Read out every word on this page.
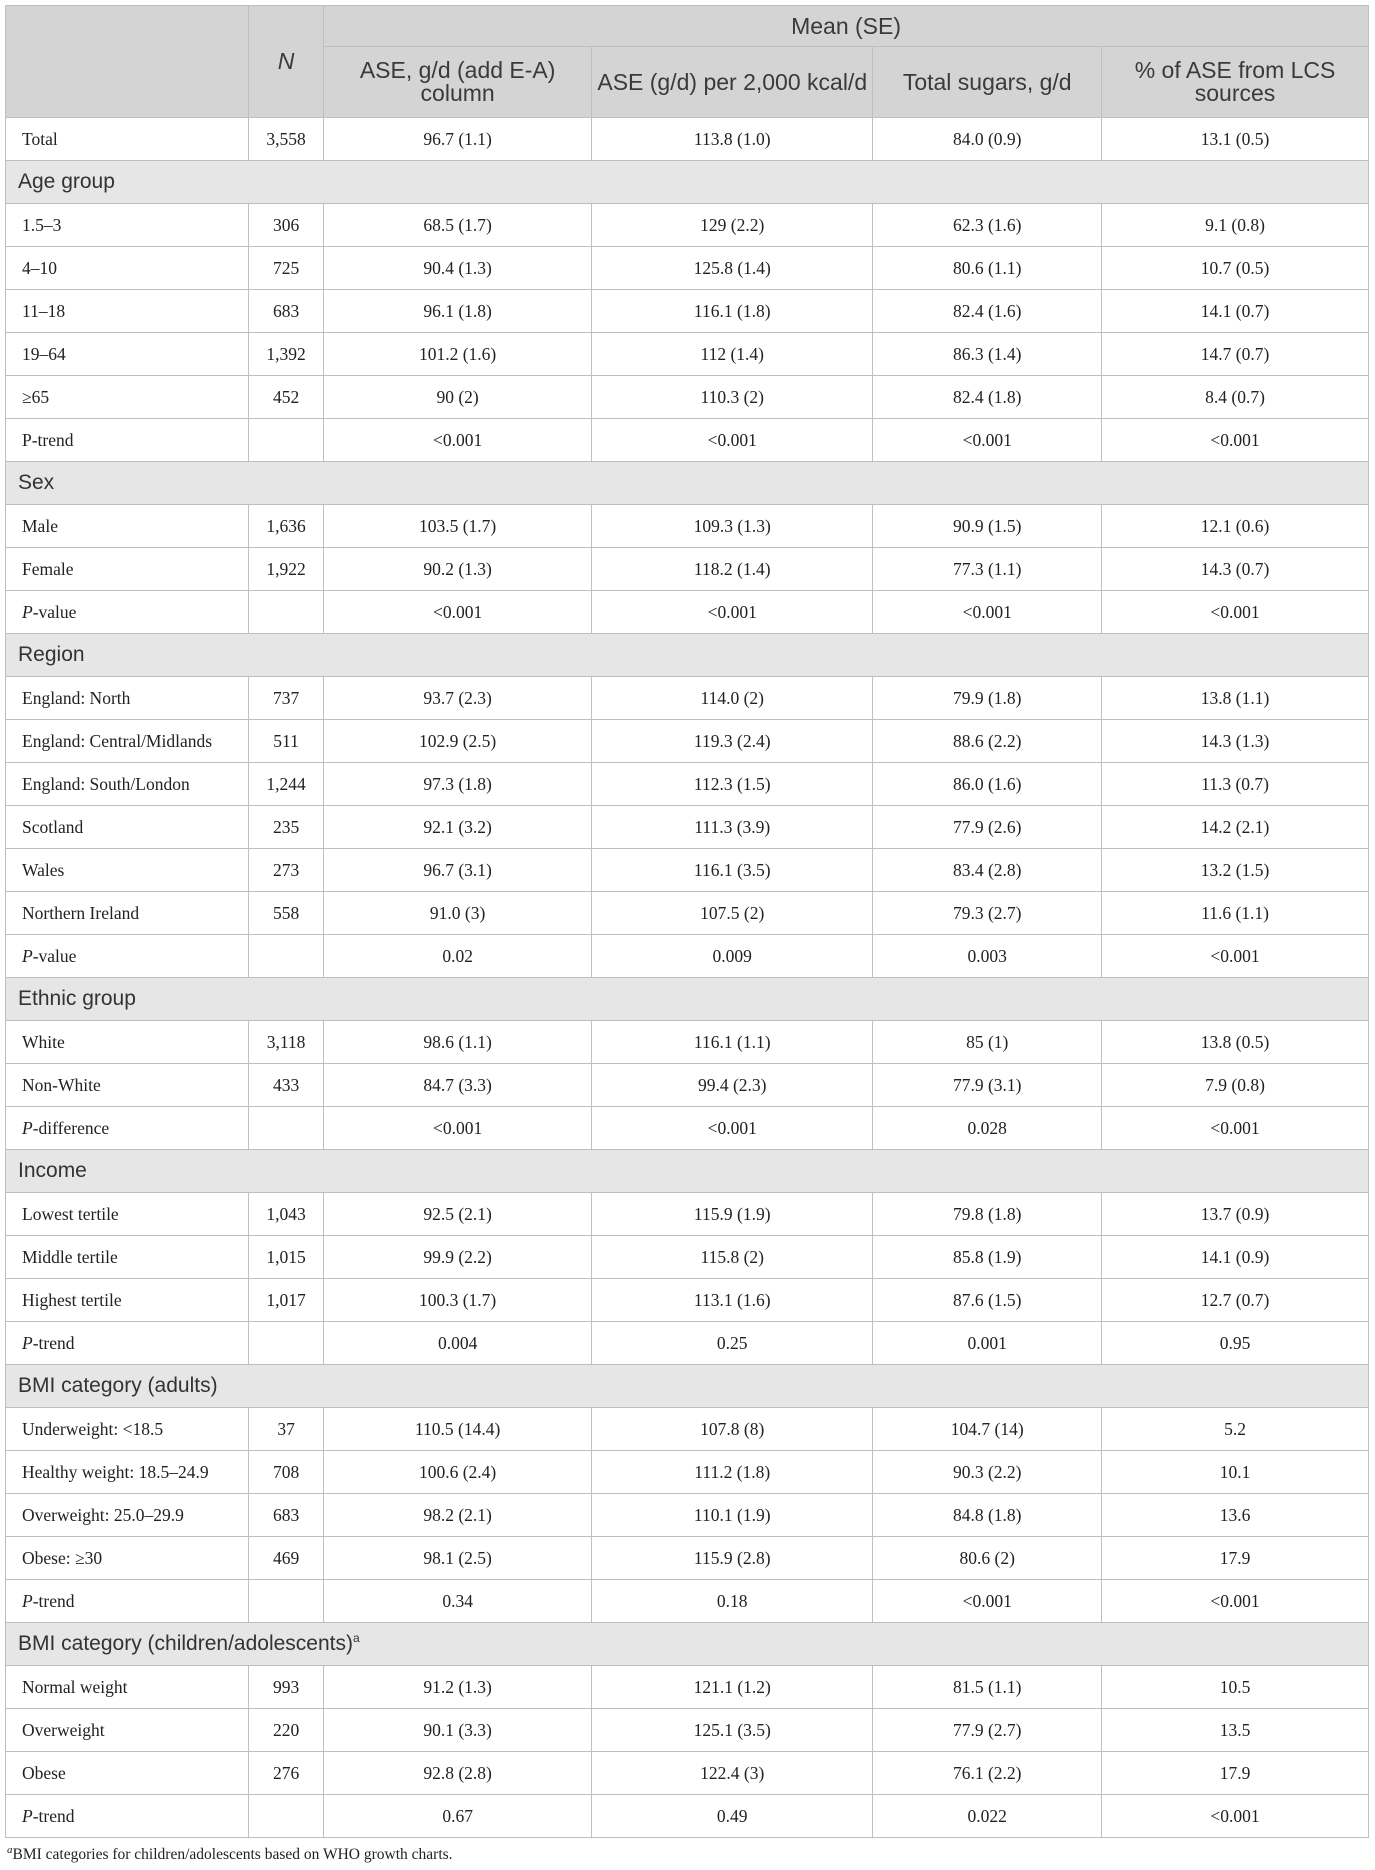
	N	Mean (SE)			
		ASE, g/d (add E-A) column	ASE (g/d) per 2,000 kcal/d	Total sugars, g/d	% of ASE from LCS sources
Total	3,558	96.7 (1.1)	113.8 (1.0)	84.0 (0.9)	13.1 (0.5)
Age group					
1.5–3	306	68.5 (1.7)	129 (2.2)	62.3 (1.6)	9.1 (0.8)
4–10	725	90.4 (1.3)	125.8 (1.4)	80.6 (1.1)	10.7 (0.5)
11–18	683	96.1 (1.8)	116.1 (1.8)	82.4 (1.6)	14.1 (0.7)
19–64	1,392	101.2 (1.6)	112 (1.4)	86.3 (1.4)	14.7 (0.7)
≥65	452	90 (2)	110.3 (2)	82.4 (1.8)	8.4 (0.7)
P-trend		<0.001	<0.001	<0.001	<0.001
Sex					
Male	1,636	103.5 (1.7)	109.3 (1.3)	90.9 (1.5)	12.1 (0.6)
Female	1,922	90.2 (1.3)	118.2 (1.4)	77.3 (1.1)	14.3 (0.7)
P-value		<0.001	<0.001	<0.001	<0.001
Region					
England: North	737	93.7 (2.3)	114.0 (2)	79.9 (1.8)	13.8 (1.1)
England: Central/Midlands	511	102.9 (2.5)	119.3 (2.4)	88.6 (2.2)	14.3 (1.3)
England: South/London	1,244	97.3 (1.8)	112.3 (1.5)	86.0 (1.6)	11.3 (0.7)
Scotland	235	92.1 (3.2)	111.3 (3.9)	77.9 (2.6)	14.2 (2.1)
Wales	273	96.7 (3.1)	116.1 (3.5)	83.4 (2.8)	13.2 (1.5)
Northern Ireland	558	91.0 (3)	107.5 (2)	79.3 (2.7)	11.6 (1.1)
P-value		0.02	0.009	0.003	<0.001
Ethnic group					
White	3,118	98.6 (1.1)	116.1 (1.1)	85 (1)	13.8 (0.5)
Non-White	433	84.7 (3.3)	99.4 (2.3)	77.9 (3.1)	7.9 (0.8)
P-difference		<0.001	<0.001	0.028	<0.001
Income					
Lowest tertile	1,043	92.5 (2.1)	115.9 (1.9)	79.8 (1.8)	13.7 (0.9)
Middle tertile	1,015	99.9 (2.2)	115.8 (2)	85.8 (1.9)	14.1 (0.9)
Highest tertile	1,017	100.3 (1.7)	113.1 (1.6)	87.6 (1.5)	12.7 (0.7)
P-trend		0.004	0.25	0.001	0.95
BMI category (adults)					
Underweight: <18.5	37	110.5 (14.4)	107.8 (8)	104.7 (14)	5.2
Healthy weight: 18.5–24.9	708	100.6 (2.4)	111.2 (1.8)	90.3 (2.2)	10.1
Overweight: 25.0–29.9	683	98.2 (2.1)	110.1 (1.9)	84.8 (1.8)	13.6
Obese: ≥30	469	98.1 (2.5)	115.9 (2.8)	80.6 (2)	17.9
P-trend		0.34	0.18	<0.001	<0.001
BMI category (children/adolescents)$^a$
Normal weight	993	91.2 (1.3)	121.1 (1.2)	81.5 (1.1)	10.5
Overweight	220	90.1 (3.3)	125.1 (3.5)	77.9 (2.7)	13.5
Obese	276	92.8 (2.8)	122.4 (3)	76.1 (2.2)	17.9
P-trend		0.67	0.49	0.022	<0.001
$^a$BMI categories for children/adolescents based on WHO growth charts.
